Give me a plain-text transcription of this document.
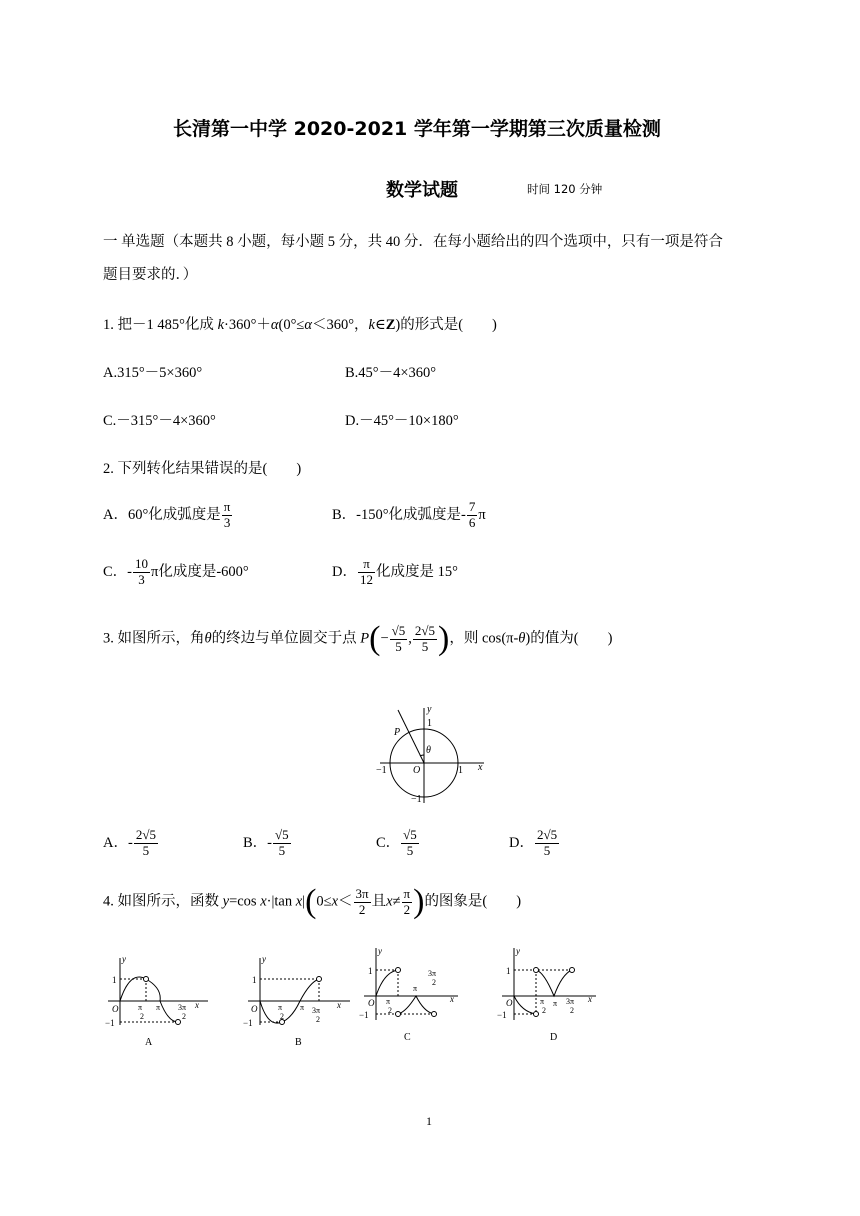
长清第一中学 2020-2021 学年第一学期第三次质量检测
数学试题	时间 120 分钟
一 单选题（本题共 8 小题，每小题 5 分，共 40 分．在每小题给出的四个选项中，只有一项是符合
题目要求的．）
1. 把－1 485°化成 k·360°＋α(0°≤α＜360°，k∈Z)的形式是(　　)
A.315°－5×360°	B.45°－4×360°
C.－315°－4×360°	D.－45°－10×180°
2. 下列转化结果错误的是(　　)
A．60°化成弧度是 $\frac{\pi}{3}$	B．-150°化成弧度是- $\frac{7}{6}$ π
C．- $\frac{10}{3}$ π化成度是-600°	D． $\frac{\pi}{12}$ 化成度是 15°
3. 如图所示，角θ的终边与单位圆交于点 $P(- \frac{√5}{5}$ , $\frac{2√5}{5}$ )，则 cos(π-θ)的值为(　　)
y
1
P
θ
−1	O	1 x
−1
A．- $\frac{2√5}{5}$	B．- $\frac{√5}{5}$	C． $\frac{√5}{5}$	D． $\frac{2√5}{5}$
4. 如图所示，函数 y=cos x·|tan $x|(0\le x< \frac{3\pi}{2}$ 且$x\ne \frac{\pi}{2}$ )的图象是(　　)
y
1
−1
O π
2
π 3π
2
x
A
y
1
−1
O	π
2
π 3π
2
x
B
y
1
−1
O π
2
π
3π
2
x
C
y
1
−1
O	π
2
π 3π
2
x
D
1
